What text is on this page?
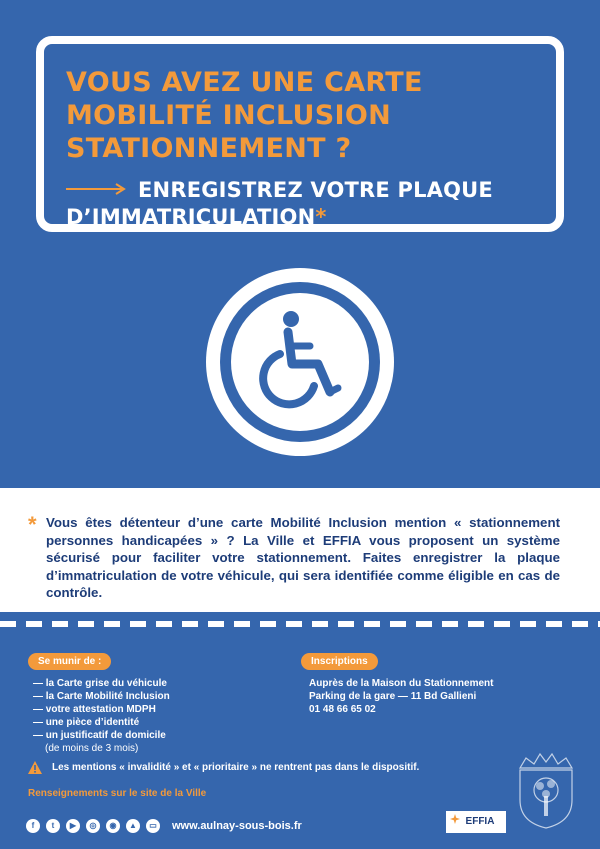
VOUS AVEZ UNE CARTE MOBILITÉ INCLUSION STATIONNEMENT ?
ENREGISTREZ VOTRE PLAQUE D’IMMATRICULATION*
* Vous êtes détenteur d’une carte Mobilité Inclusion mention « stationnement personnes handicapées » ? La Ville et EFFIA vous proposent un système sécurisé pour faciliter votre stationnement. Faites enregistrer la plaque d’immatriculation de votre véhicule, qui sera identifiée comme éligible en cas de contrôle.
Se munir de :
— la Carte grise du véhicule
— la Carte Mobilité Inclusion
— votre attestation MDPH
— une pièce d’identité
— un justificatif de domicile
(de moins de 3 mois)
Inscriptions
Auprès de la Maison du Stationnement
Parking de la gare — 11 Bd Gallieni
01 48 66 65 02
Les mentions « invalidité » et « prioritaire » ne rentrent pas dans le dispositif.
Renseignements sur le site de la Ville
f	t	▶	◎	◉	▲	▭ www.aulnay-sous-bois.fr	EFFIA
